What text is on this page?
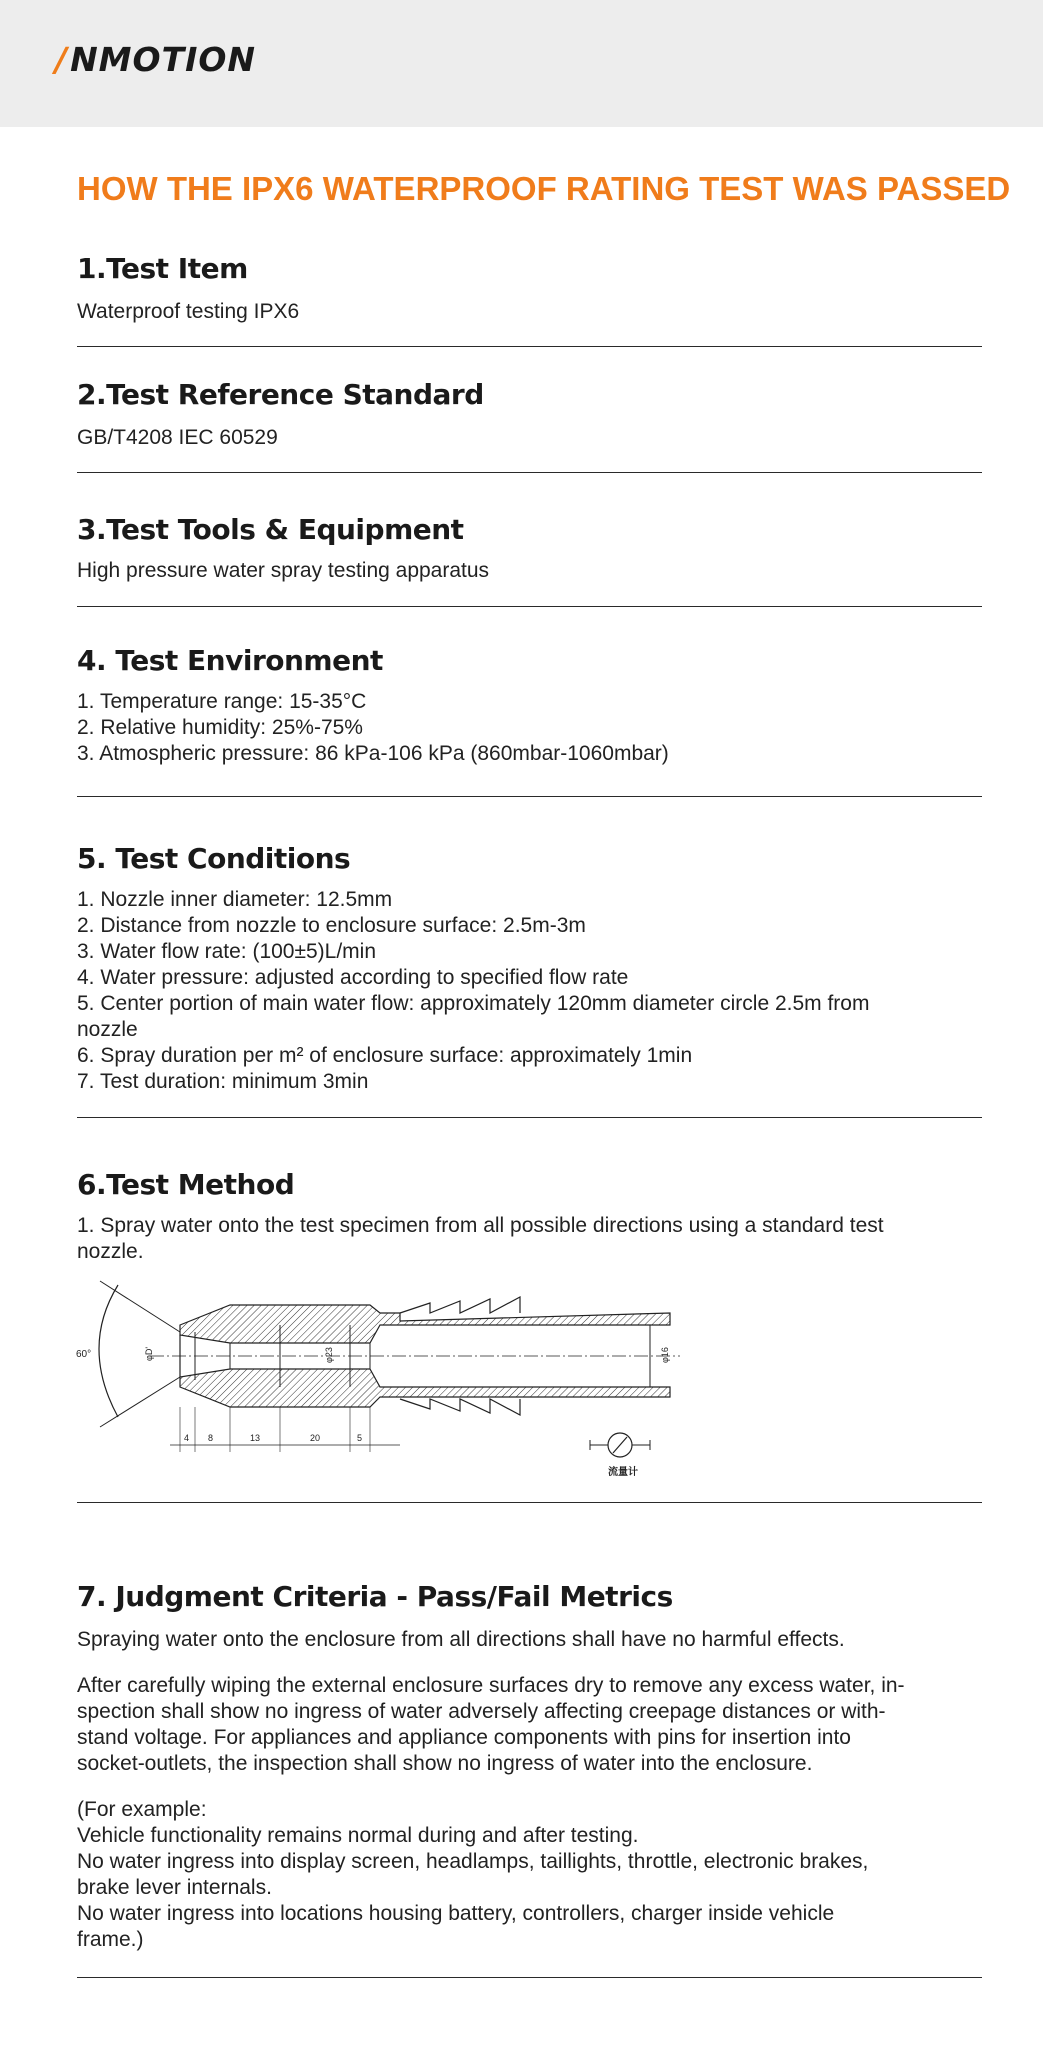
/ NMOTION
HOW THE IPX6 WATERPROOF RATING TEST WAS PASSED
1.Test Item
Waterproof testing IPX6
2.Test Reference Standard
GB/T4208 IEC 60529
3.Test Tools & Equipment
High pressure water spray testing apparatus
4. Test Environment
1. Temperature range: 15-35°C
2. Relative humidity: 25%-75%
3. Atmospheric pressure: 86 kPa-106 kPa (860mbar-1060mbar)
5. Test Conditions
1. Nozzle inner diameter: 12.5mm
2. Distance from nozzle to enclosure surface: 2.5m-3m
3. Water flow rate: (100±5)L/min
4. Water pressure: adjusted according to specified flow rate
5. Center portion of main water flow: approximately 120mm diameter circle 2.5m from
nozzle
6. Spray duration per m² of enclosure surface: approximately 1min
7. Test duration: minimum 3min
6.Test Method
1. Spray water onto the test specimen from all possible directions using a standard test
nozzle.
60°	φD'	φ23	φ16
4 8	13	20	5
流量计
7. Judgment Criteria - Pass/Fail Metrics
Spraying water onto the enclosure from all directions shall have no harmful effects.
After carefully wiping the external enclosure surfaces dry to remove any excess water, in-
spection shall show no ingress of water adversely affecting creepage distances or with-
stand voltage. For appliances and appliance components with pins for insertion into
socket-outlets, the inspection shall show no ingress of water into the enclosure.
(For example:
Vehicle functionality remains normal during and after testing.
No water ingress into display screen, headlamps, taillights, throttle, electronic brakes,
brake lever internals.
No water ingress into locations housing battery, controllers, charger inside vehicle
frame.)
